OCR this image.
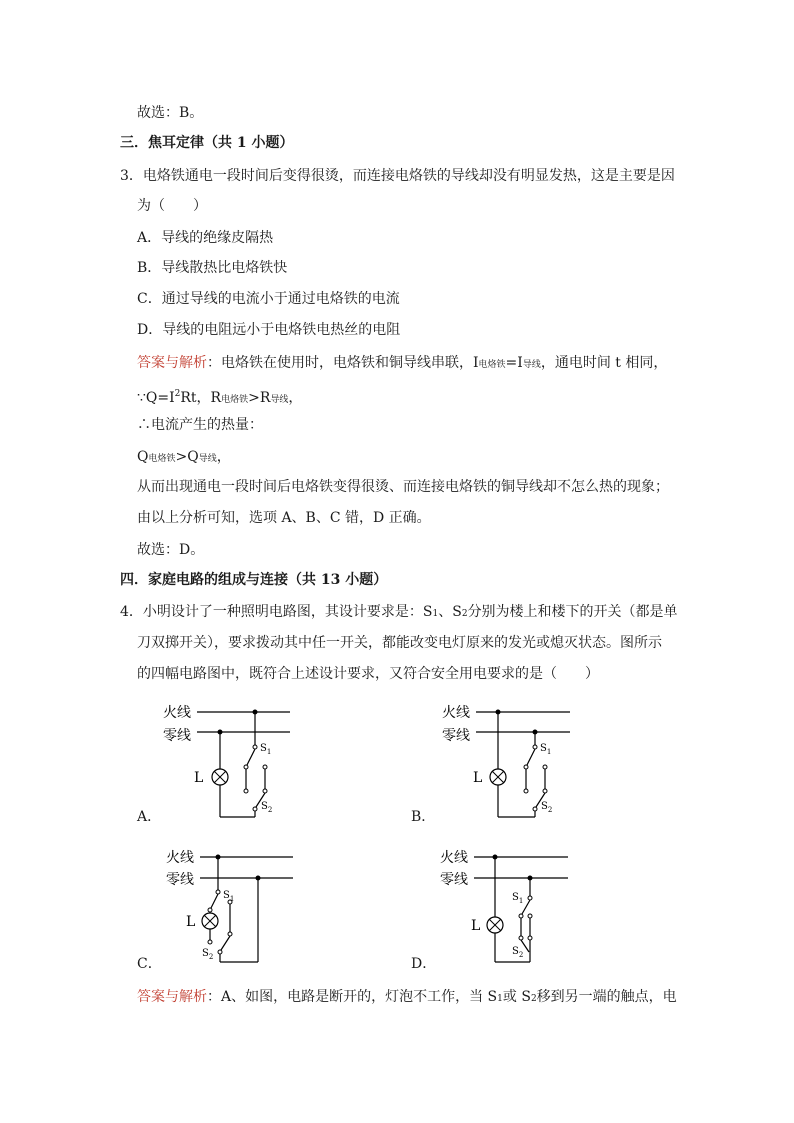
故选：B。
三．焦耳定律（共 1 小题）
3．电烙铁通电一段时间后变得很烫，而连接电烙铁的导线却没有明显发热，这是主要是因
为（　　）
A．导线的绝缘皮隔热
B．导线散热比电烙铁快
C．通过导线的电流小于通过电烙铁的电流
D．导线的电阻远小于电烙铁电热丝的电阻
答案与解析：电烙铁在使用时，电烙铁和铜导线串联，I电烙铁=I导线，通电时间 t 相同，
$\because Q=I^2Rt$，R电烙铁>R导线，
∴电流产生的热量：
Q电烙铁>Q导线，
从而出现通电一段时间后电烙铁变得很烫、而连接电烙铁的铜导线却不怎么热的现象；
由以上分析可知，选项 A、B、C 错，D 正确。
故选：D。
四．家庭电路的组成与连接（共 13 小题）
4．小明设计了一种照明电路图，其设计要求是：S1、S2分别为楼上和楼下的开关（都是单
刀双掷开关），要求拨动其中任一开关，都能改变电灯原来的发光或熄灭状态。图所示
的四幅电路图中，既符合上述设计要求，又符合安全用电要求的是（　　）
火线
零线
L
$S_1$
$S_2$
A．
火线
零线
L
$S_1$
$S_2$
B．
火线
零线
L
$S_1$
$S_2$
C．
火线
零线
L
$S_1$
$S_2$
D．
答案与解析：A、如图，电路是断开的，灯泡不工作，当 S1或 S2移到另一端的触点，电
